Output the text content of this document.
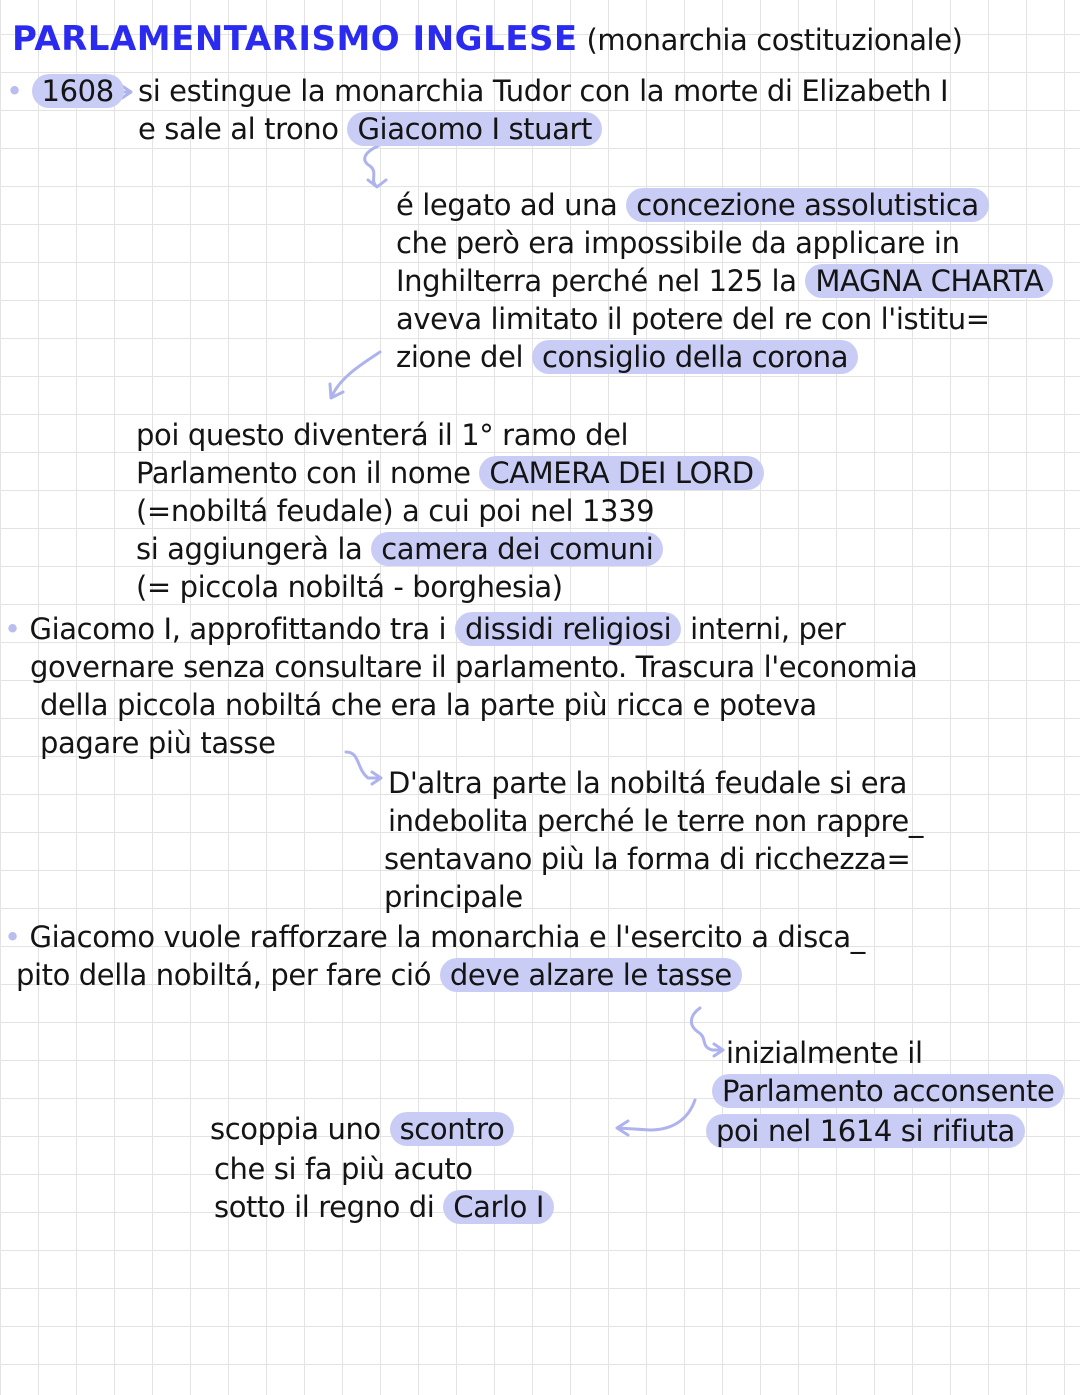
PARLAMENTARISMO INGLESE (monarchia costituzionale)
• 1608 si estingue la monarchia Tudor con la morte di Elizabeth I
e sale al trono Giacomo I stuart
é legato ad una concezione assolutistica
che però era impossibile da applicare in
Inghilterra perché nel 125 la MAGNA CHARTA
aveva limitato il potere del re con l'istitu=
zione del consiglio della corona
poi questo diventerá il 1° ramo del
Parlamento con il nome CAMERA DEI LORD
(=nobiltá feudale) a cui poi nel 1339
si aggiungerà la camera dei comuni
(= piccola nobiltá - borghesia)
• Giacomo I, approfittando tra i dissidi religiosi interni, per
governare senza consultare il parlamento. Trascura l'economia
della piccola nobiltá che era la parte più ricca e poteva
pagare più tasse
D'altra parte la nobiltá feudale si era
indebolita perché le terre non rappre_
sentavano più la forma di ricchezza=
principale
• Giacomo vuole rafforzare la monarchia e l'esercito a disca_
pito della nobiltá, per fare ció deve alzare le tasse
inizialmente il
Parlamento acconsente
poi nel 1614 si rifiuta
scoppia uno scontro
che si fa più acuto
sotto il regno di Carlo I
